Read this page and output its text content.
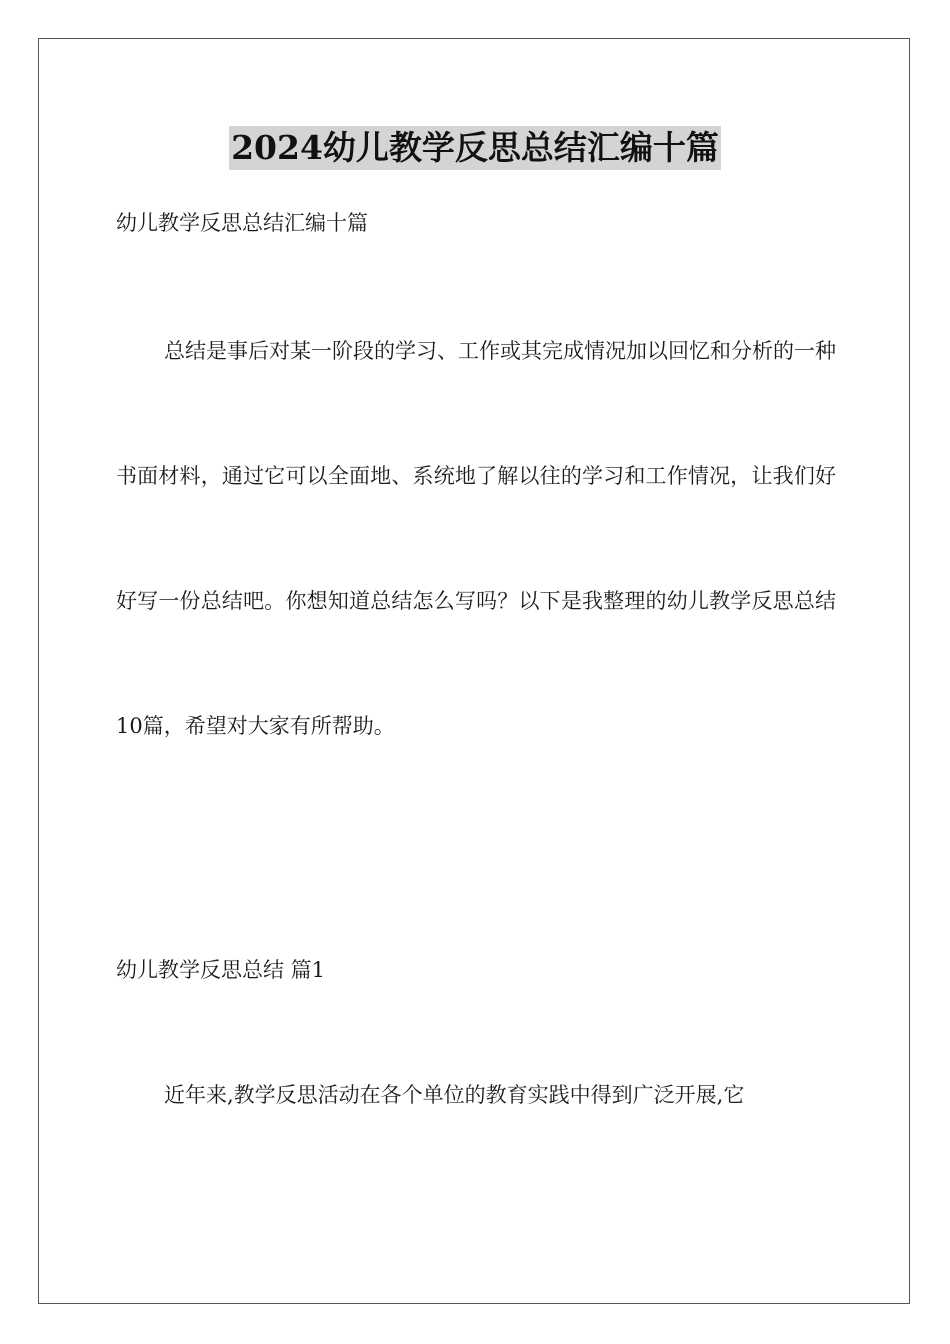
2024幼儿教学反思总结汇编十篇

幼儿教学反思总结汇编十篇

总结是事后对某一阶段的学习、工作或其完成情况加以回忆和分析的一种书面材料，通过它可以全面地、系统地了解以往的学习和工作情况，让我们好好写一份总结吧。你想知道总结怎么写吗？以下是我整理的幼儿教学反思总结10篇，希望对大家有所帮助。

幼儿教学反思总结 篇1

近年来,教学反思活动在各个单位的教育实践中得到广泛开展,它
